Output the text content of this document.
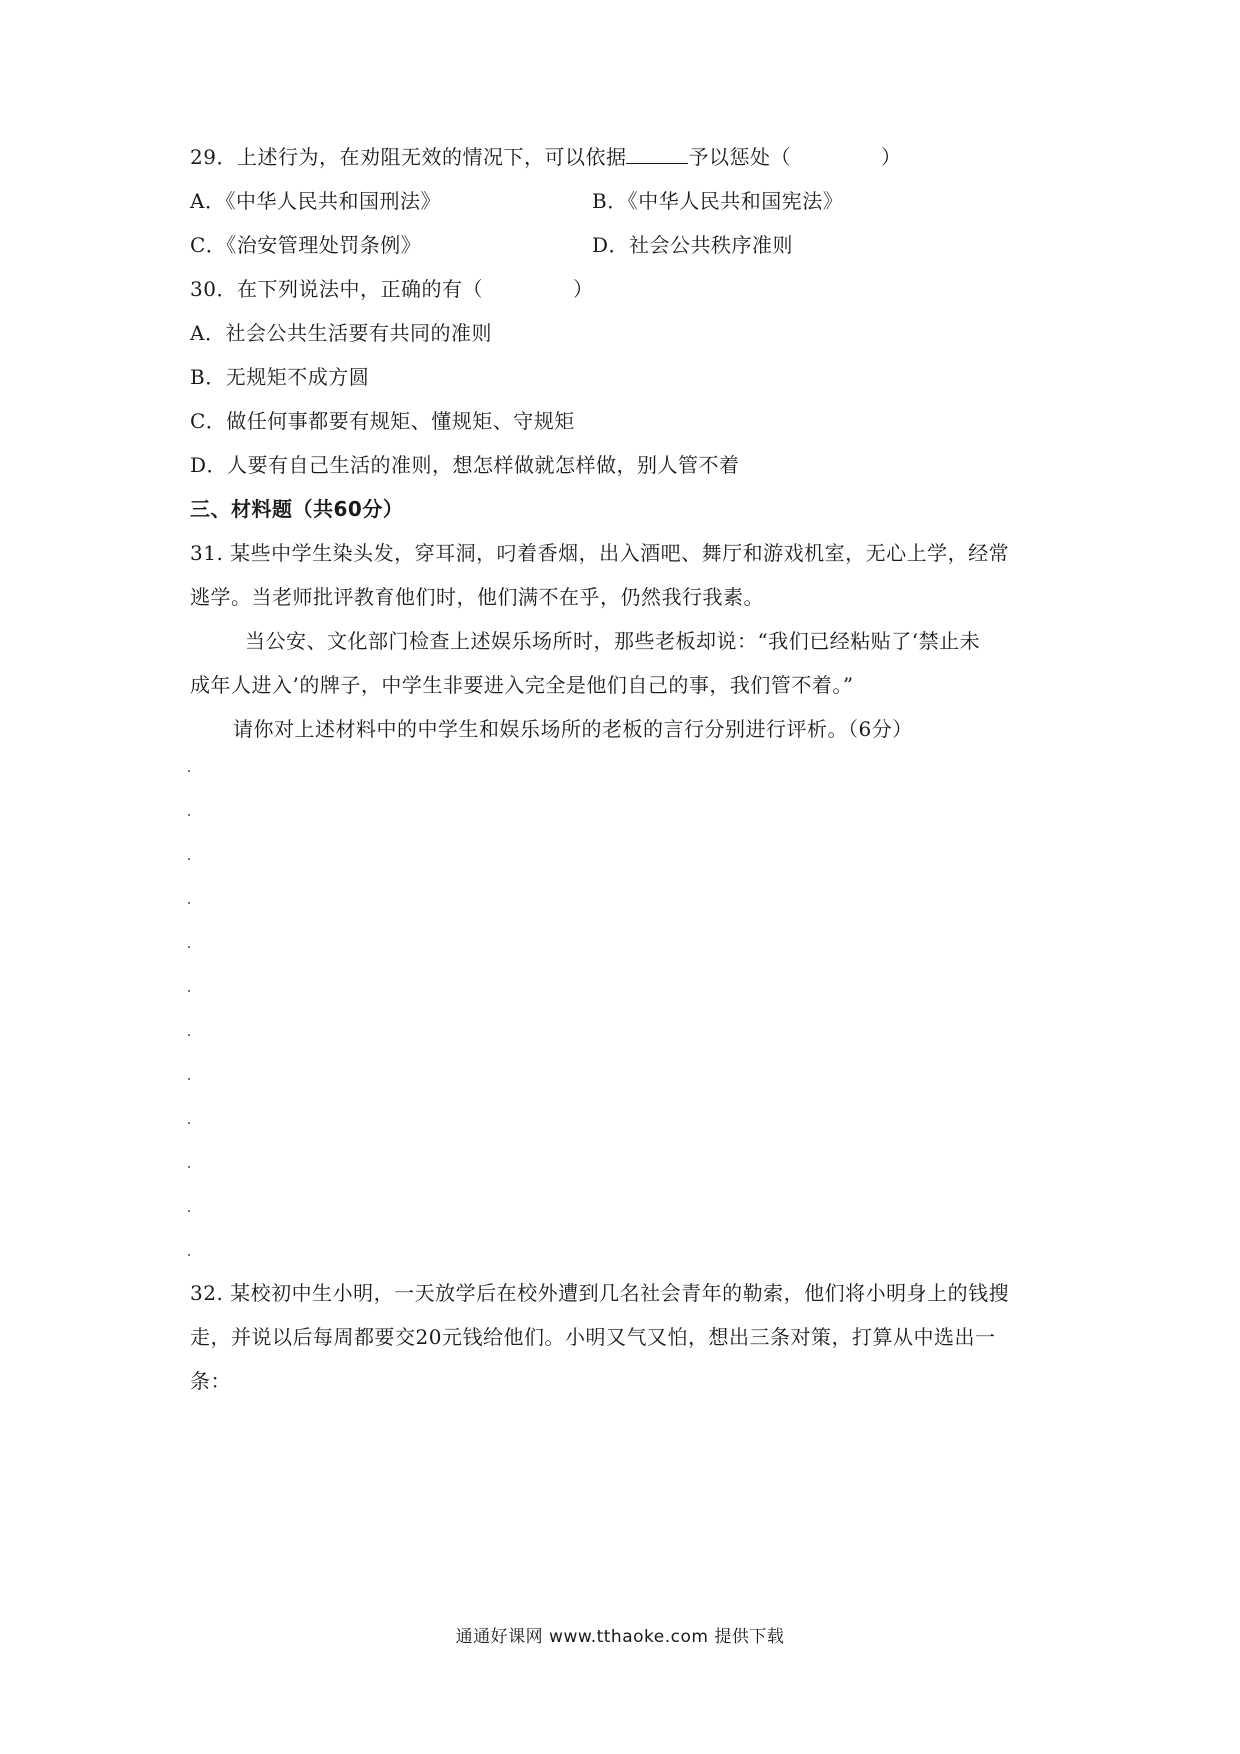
29．上述行为，在劝阻无效的情况下，可以依据	予以惩处（	）
A．《中华人民共和国刑法》	B．《中华人民共和国宪法》
C．《治安管理处罚条例》	D．社会公共秩序准则
30．在下列说法中，正确的有（	）
A．社会公共生活要有共同的准则
B．无规矩不成方圆
C．做任何事都要有规矩、懂规矩、守规矩
D．人要有自己生活的准则，想怎样做就怎样做，别人管不着
三、材料题（共60分）
31. 某些中学生染头发，穿耳洞，叼着香烟，出入酒吧、舞厅和游戏机室，无心上学，经常
逃学。当老师批评教育他们时，他们满不在乎，仍然我行我素。
当公安、文化部门检查上述娱乐场所时，那些老板却说：“我们已经粘贴了‘禁止未
成年人进入’的牌子，中学生非要进入完全是他们自己的事，我们管不着。”
请你对上述材料中的中学生和娱乐场所的老板的言行分别进行评析。（6分）
32. 某校初中生小明，一天放学后在校外遭到几名社会青年的勒索，他们将小明身上的钱搜
走，并说以后每周都要交20元钱给他们。小明又气又怕，想出三条对策，打算从中选出一
条：
通通好课网 www.tthaoke.com 提供下载
